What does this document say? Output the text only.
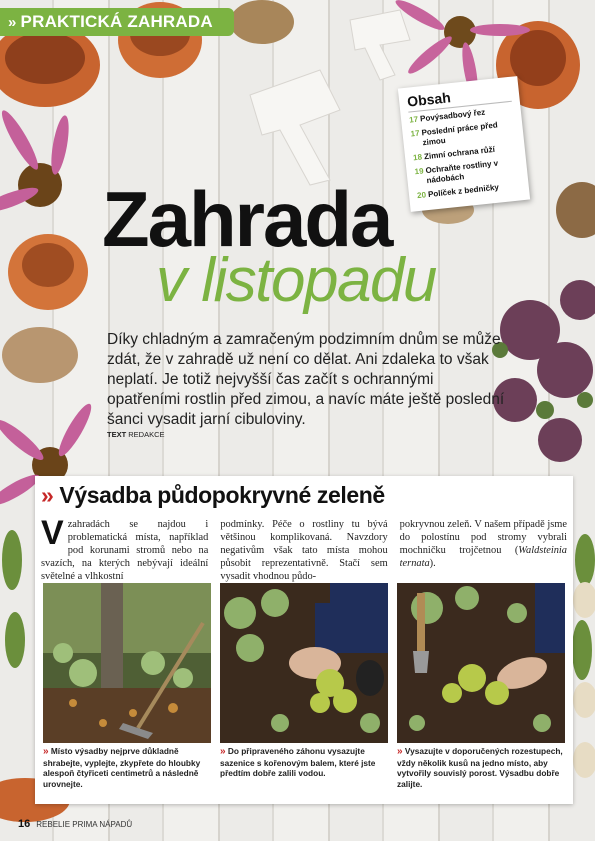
» PRAKTICKÁ ZAHRADA
Obsah
17 Povýsadbový řez
17 Poslední práce před zimou
18 Zimní ochrana růží
19 Ochraňte rostliny v nádobách
20 Políček z bedničky
Zahrada
v listopadu
Díky chladným a zamračeným podzimním dnům se může zdát, že v zahradě už není co dělat. Ani zdaleka to však neplatí. Je totiž nejvyšší čas začít s ochrannými opatřeními rostlin před zimou, a navíc máte ještě poslední šanci vysadit jarní cibuloviny.
TEXT REDAKCE
» Výsadba půdopokryvné zeleně
Vzahradách se najdou i problematická místa, například pod korunami stromů nebo na svazích, na kterých nebývají ideální světelné a vlhkostní
podmínky. Péče o rostliny tu bývá většinou komplikovaná. Navzdory negativům však tato místa mohou působit reprezentativně. Stačí sem vysadit vhodnou půdo-
pokryvnou zeleň. V našem případě jsme do polostínu pod stromy vybrali mochničku trojčetnou (Waldsteinia ternata).
» Místo výsadby nejprve důkladně shrabejte, vyplejte, zkypřete do hloubky alespoň čtyřiceti centimetrů a následně urovnejte.
» Do připraveného záhonu vysazujte sazenice s kořenovým balem, které jste předtím dobře zalili vodou.
» Vysazujte v doporučených rozestupech, vždy několik kusů na jedno místo, aby vytvořily souvislý porost. Výsadbu dobře zalijte.
16 REBELIE PRIMA NÁPADŮ
